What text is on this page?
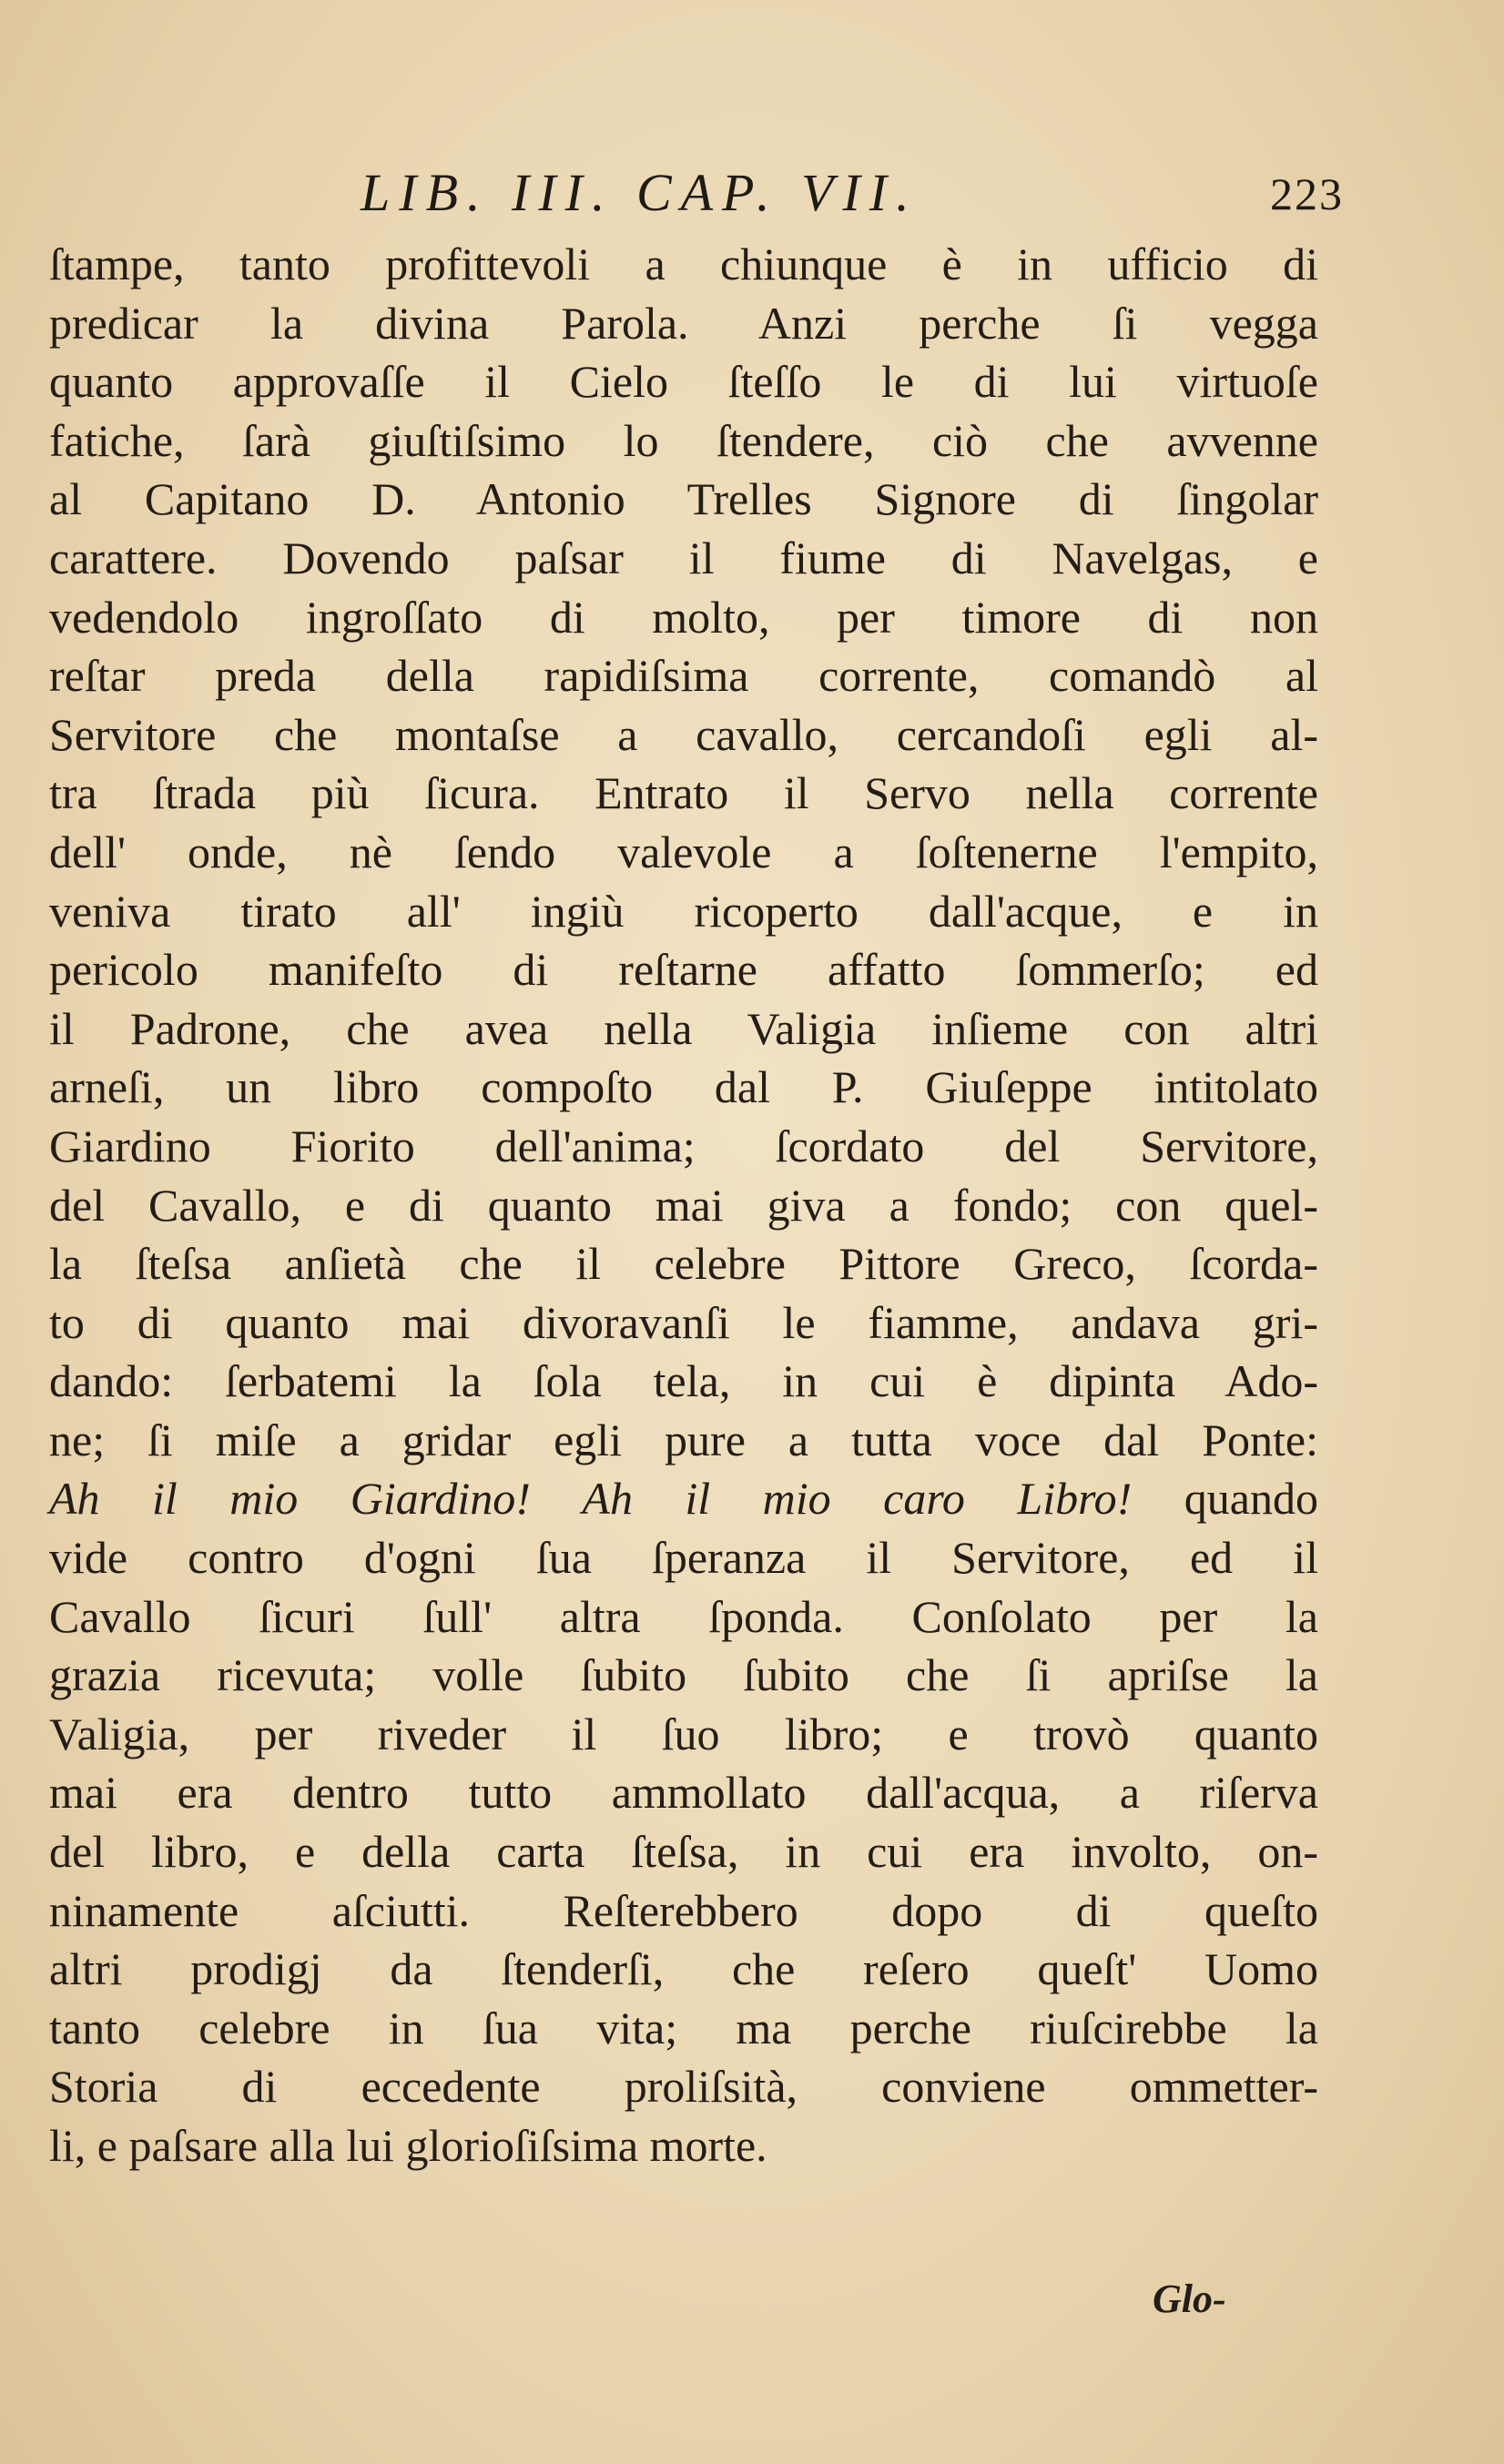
LIB. III. CAP. VII.	223
ſtampe, tanto profittevoli a chiunque è in ufficio di
predicar la divina Parola. Anzi perche ſi vegga
quanto approvaſſe il Cielo ſteſſo le di lui virtuoſe
fatiche, ſarà giuſtiſsimo lo ſtendere, ciò che avvenne
al Capitano D. Antonio Trelles Signore di ſingolar
carattere. Dovendo paſsar il fiume di Navelgas, e
vedendolo ingroſſato di molto, per timore di non
reſtar preda della rapidiſsima corrente, comandò al
Servitore che montaſse a cavallo, cercandoſi egli al-
tra ſtrada più ſicura. Entrato il Servo nella corrente
dell' onde, nè ſendo valevole a ſoſtenerne l'empito,
veniva tirato all' ingiù ricoperto dall'acque, e in
pericolo manifeſto di reſtarne affatto ſommerſo; ed
il Padrone, che avea nella Valigia inſieme con altri
arneſi, un libro compoſto dal P. Giuſeppe intitolato
Giardino Fiorito dell'anima; ſcordato del Servitore,
del Cavallo, e di quanto mai giva a fondo; con quel-
la ſteſsa anſietà che il celebre Pittore Greco, ſcorda-
to di quanto mai divoravanſi le fiamme, andava gri-
dando: ſerbatemi la ſola tela, in cui è dipinta Ado-
ne; ſi miſe a gridar egli pure a tutta voce dal Ponte:
Ah il mio Giardino! Ah il mio caro Libro! quando
vide contro d'ogni ſua ſperanza il Servitore, ed il
Cavallo ſicuri ſull' altra ſponda. Conſolato per la
grazia ricevuta; volle ſubito ſubito che ſi apriſse la
Valigia, per riveder il ſuo libro; e trovò quanto
mai era dentro tutto ammollato dall'acqua, a riſerva
del libro, e della carta ſteſsa, in cui era involto, on-
ninamente aſciutti. Reſterebbero dopo di queſto
altri prodigj da ſtenderſi, che reſero queſt' Uomo
tanto celebre in ſua vita; ma perche riuſcirebbe la
Storia di eccedente proliſsità, conviene ommetter-
li, e paſsare alla lui glorioſiſsima morte.
Glo-
